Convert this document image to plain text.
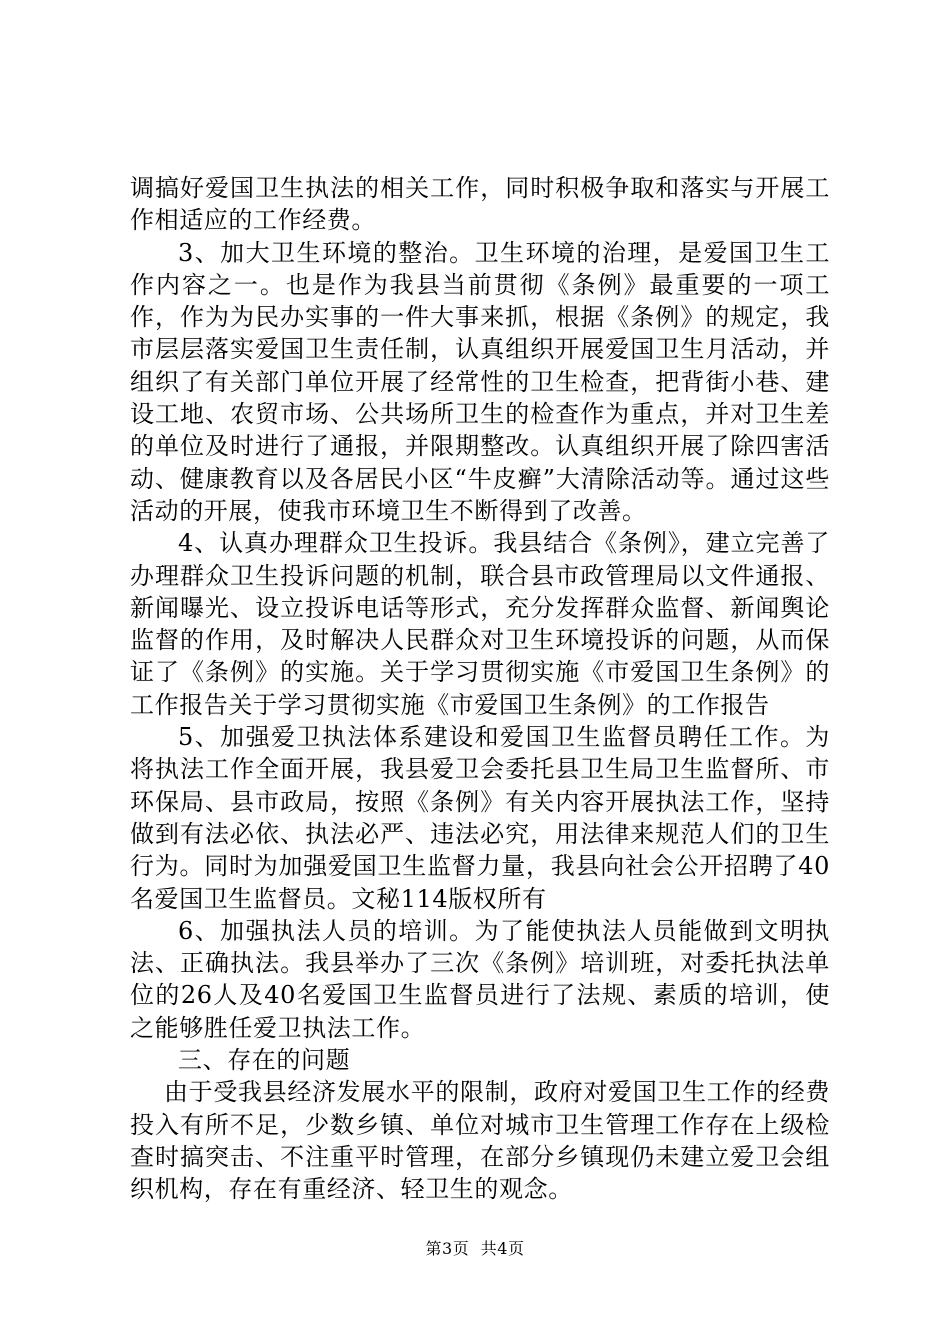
调搞好爱国卫生执法的相关工作，同时积极争取和落实与开展工作相适应的工作经费。

3、加大卫生环境的整治。卫生环境的治理，是爱国卫生工作内容之一。也是作为我县当前贯彻《条例》最重要的一项工作，作为为民办实事的一件大事来抓，根据《条例》的规定，我市层层落实爱国卫生责任制，认真组织开展爱国卫生月活动，并组织了有关部门单位开展了经常性的卫生检查，把背街小巷、建设工地、农贸市场、公共场所卫生的检查作为重点，并对卫生差的单位及时进行了通报，并限期整改。认真组织开展了除四害活动、健康教育以及各居民小区“牛皮癣”大清除活动等。通过这些活动的开展，使我市环境卫生不断得到了改善。

4、认真办理群众卫生投诉。我县结合《条例》，建立完善了办理群众卫生投诉问题的机制，联合县市政管理局以文件通报、新闻曝光、设立投诉电话等形式，充分发挥群众监督、新闻舆论监督的作用，及时解决人民群众对卫生环境投诉的问题，从而保证了《条例》的实施。关于学习贯彻实施《市爱国卫生条例》的工作报告关于学习贯彻实施《市爱国卫生条例》的工作报告

5、加强爱卫执法体系建设和爱国卫生监督员聘任工作。为将执法工作全面开展，我县爱卫会委托县卫生局卫生监督所、市环保局、县市政局，按照《条例》有关内容开展执法工作，坚持做到有法必依、执法必严、违法必究，用法律来规范人们的卫生行为。同时为加强爱国卫生监督力量，我县向社会公开招聘了40名爱国卫生监督员。文秘114版权所有

6、加强执法人员的培训。为了能使执法人员能做到文明执法、正确执法。我县举办了三次《条例》培训班，对委托执法单位的26人及40名爱国卫生监督员进行了法规、素质的培训，使之能够胜任爱卫执法工作。

三、存在的问题

由于受我县经济发展水平的限制，政府对爱国卫生工作的经费投入有所不足，少数乡镇、单位对城市卫生管理工作存在上级检查时搞突击、不注重平时管理，在部分乡镇现仍未建立爱卫会组织机构，存在有重经济、轻卫生的观念。

第3页 共4页
